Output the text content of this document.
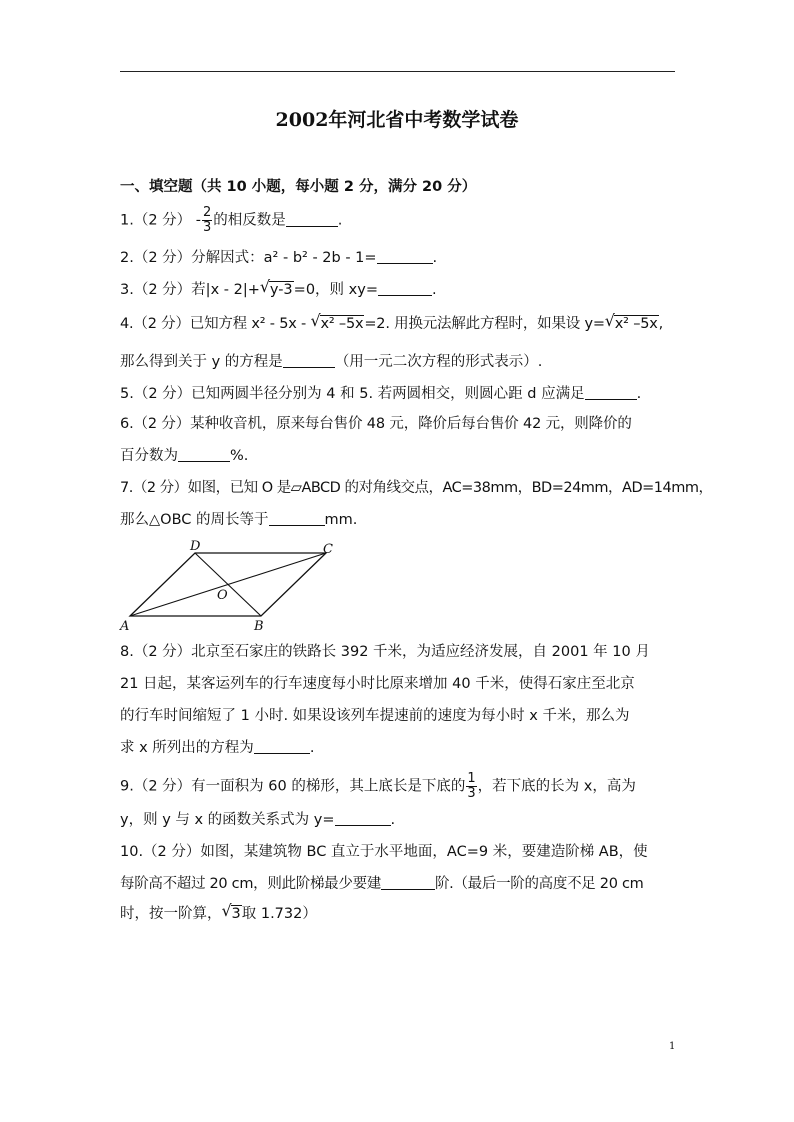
2002年河北省中考数学试卷
一、填空题（共 10 小题，每小题 2 分，满分 20 分）
1.（2 分） - $\frac{2}{3}$ 的相反数是	.
2.（2 分）分解因式：a² - b² - 2b - 1=	.
3.（2 分）若|x - 2|+ √ y-3=0，则 xy=	.
4.（2 分）已知方程 x² - 5x - √ x² –5x=2. 用换元法解此方程时，如果设 y= √ x² –5x,
那么得到关于 y 的方程是	（用一元二次方程的形式表示）.
5.（2 分）已知两圆半径分别为 4 和 5. 若两圆相交，则圆心距 d 应满足	.
6.（2 分）某种收音机，原来每台售价 48 元，降价后每台售价 42 元，则降价的
百分数为	%.
7.（2 分）如图，已知 O 是▱ABCD 的对角线交点，AC=38mm，BD=24mm，AD=14mm，
那么△OBC 的周长等于	mm.
D	C
O
A	B
8.（2 分）北京至石家庄的铁路长 392 千米，为适应经济发展，自 2001 年 10 月
21 日起，某客运列车的行车速度每小时比原来增加 40 千米，使得石家庄至北京
的行车时间缩短了 1 小时. 如果设该列车提速前的速度为每小时 x 千米，那么为
求 x 所列出的方程为	.
9.（2 分）有一面积为 60 的梯形，其上底长是下底的 $\frac{1}{3}$ ，若下底的长为 x，高为
y，则 y 与 x 的函数关系式为 y=	.
10.（2 分）如图，某建筑物 BC 直立于水平地面，AC=9 米，要建造阶梯 AB，使
每阶高不超过 20 cm，则此阶梯最少要建	阶.（最后一阶的高度不足 20 cm
时，按一阶算， √ 3取 1.732）
1
